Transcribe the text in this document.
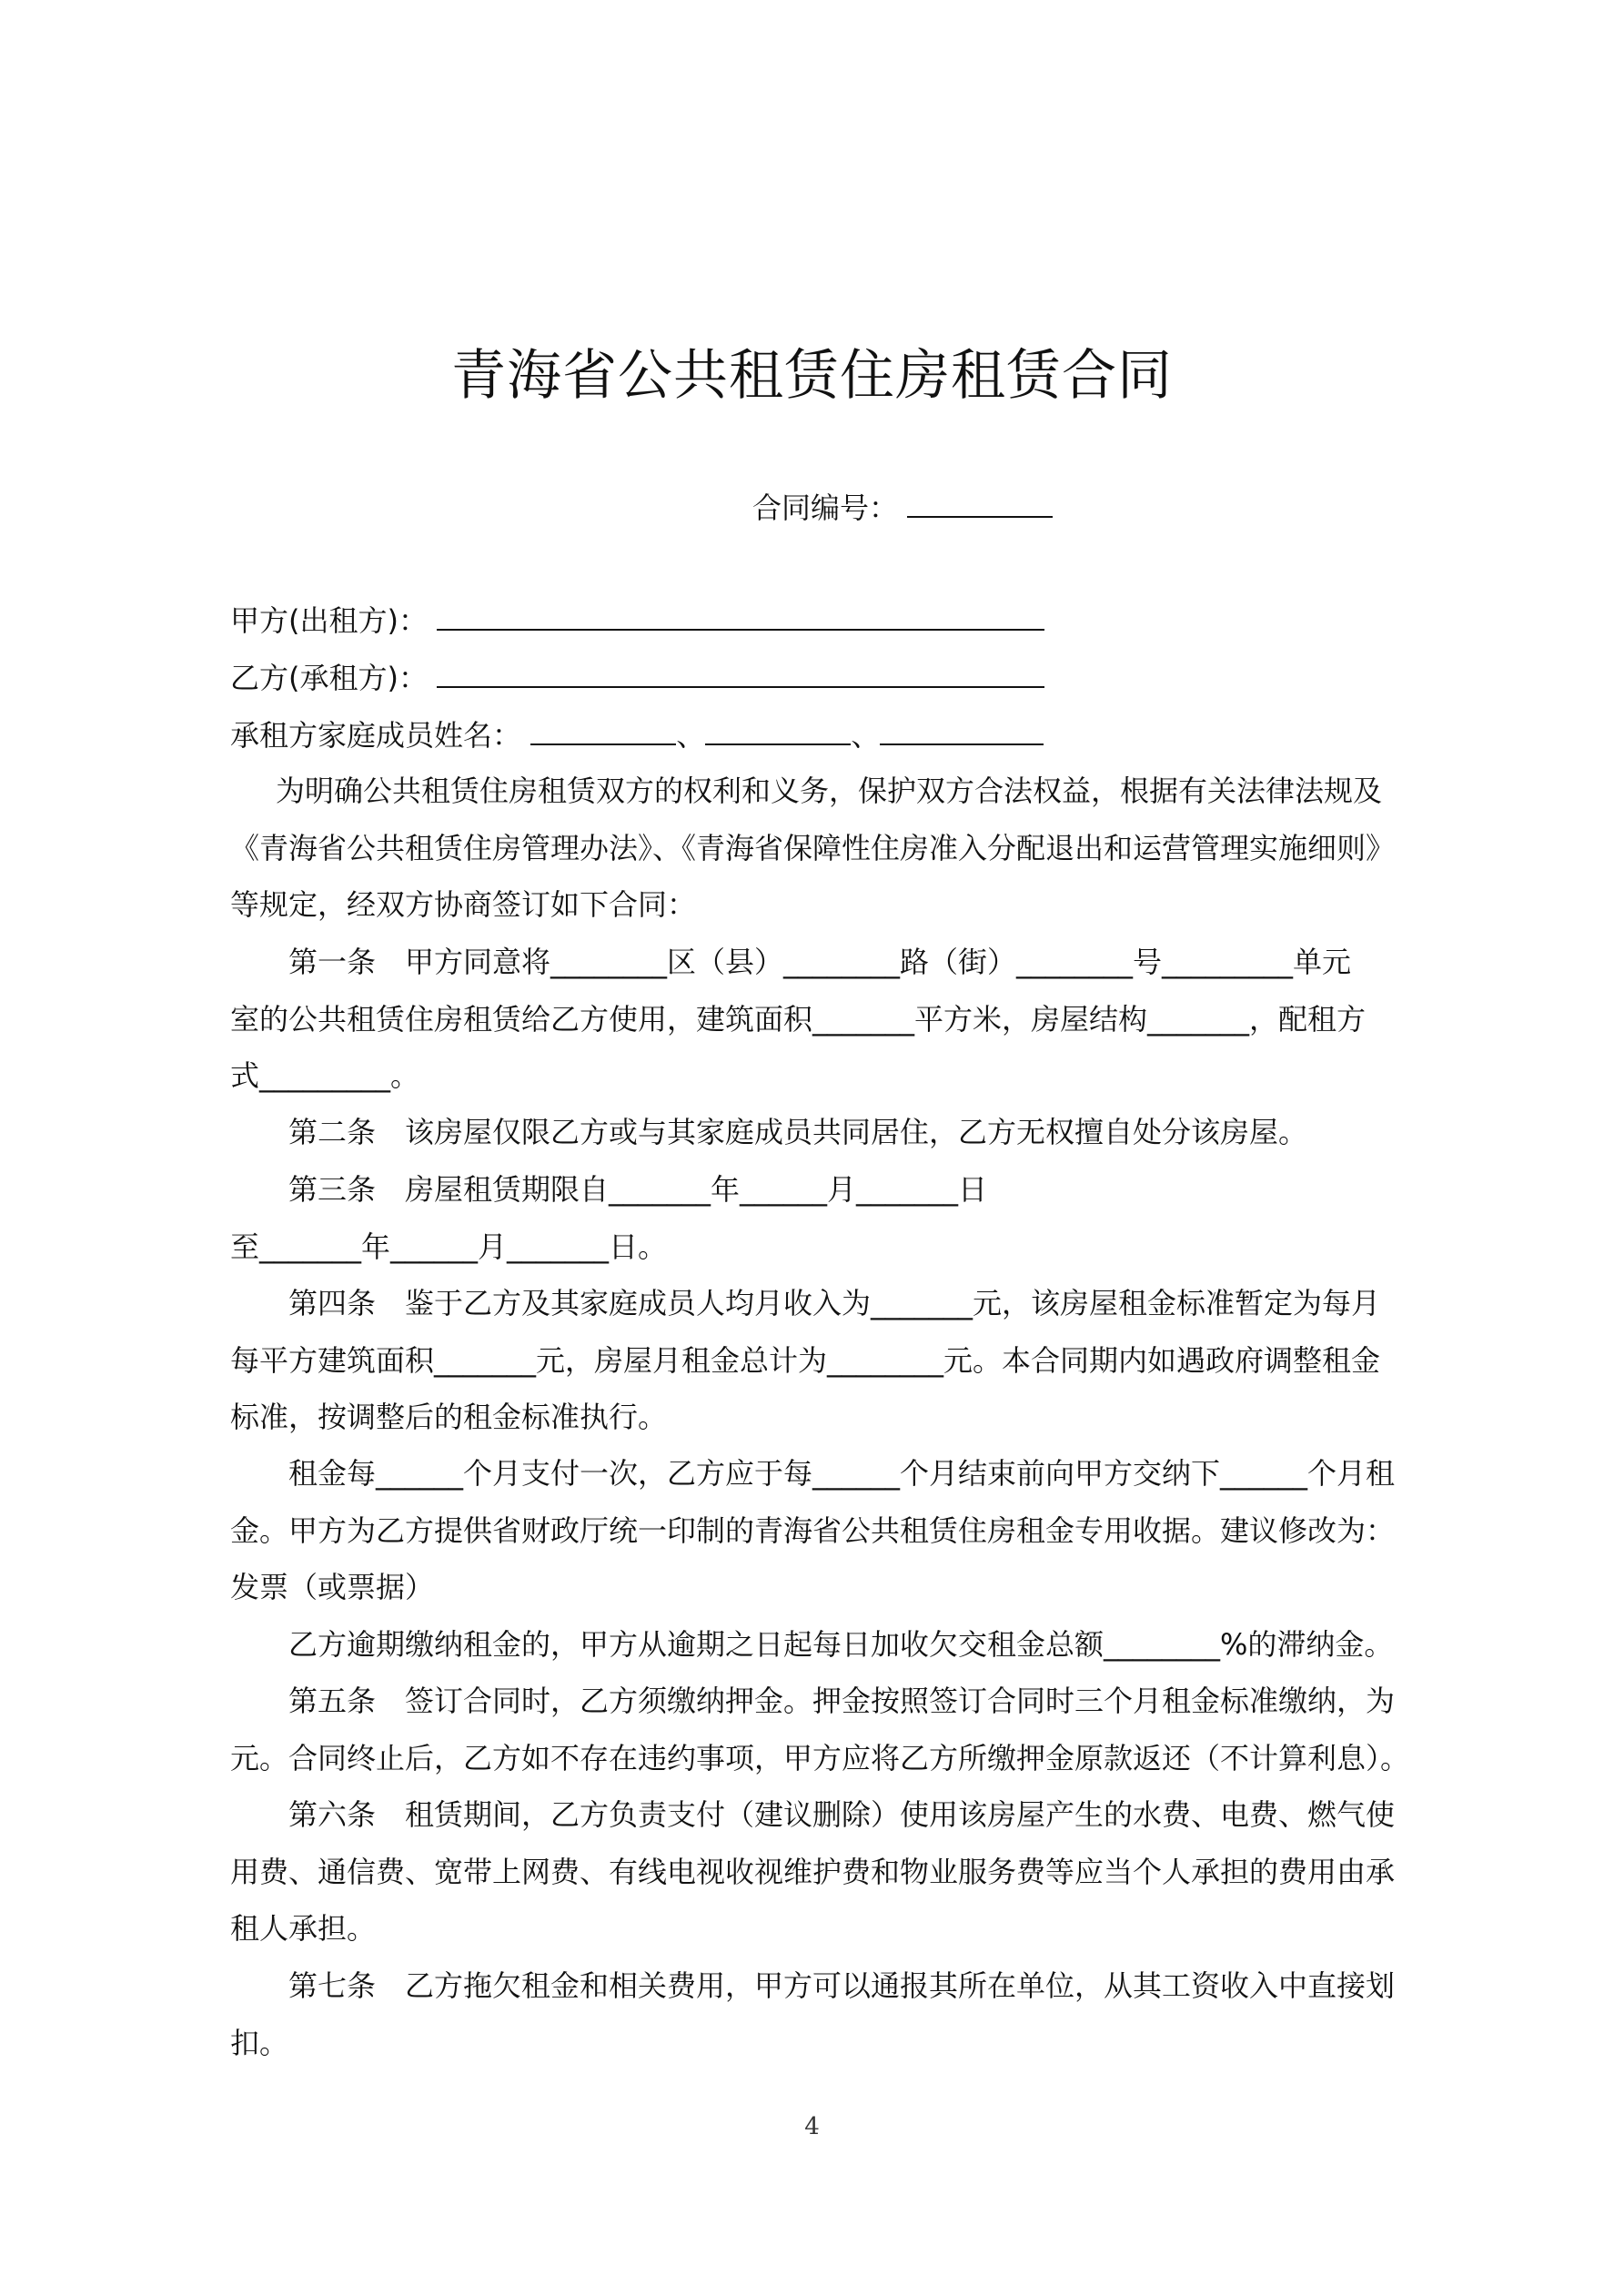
青海省公共租赁住房租赁合同
合同编号：
甲方(出租方)：
乙方(承租方)：
承租方家庭成员姓名：	、	、
为明确公共租赁住房租赁双方的权利和义务，保护双方合法权益，根据有关法律法规及
《青海省公共租赁住房管理办法》、《青海省保障性住房准入分配退出和运营管理实施细则》
等规定，经双方协商签订如下合同：
第一条　甲方同意将________区（县）________路（街）________号_________单元
室的公共租赁住房租赁给乙方使用，建筑面积_______平方米，房屋结构_______，配租方
式_________。
第二条　该房屋仅限乙方或与其家庭成员共同居住，乙方无权擅自处分该房屋。
第三条　房屋租赁期限自_______年______月_______日
至_______年______月_______日。
第四条　鉴于乙方及其家庭成员人均月收入为_______元，该房屋租金标准暂定为每月
每平方建筑面积_______元，房屋月租金总计为________元。本合同期内如遇政府调整租金
标准，按调整后的租金标准执行。
租金每______个月支付一次，乙方应于每______个月结束前向甲方交纳下______个月租
金。甲方为乙方提供省财政厅统一印制的青海省公共租赁住房租金专用收据。建议修改为：
发票（或票据）
乙方逾期缴纳租金的，甲方从逾期之日起每日加收欠交租金总额________%的滞纳金。
第五条　签订合同时，乙方须缴纳押金。押金按照签订合同时三个月租金标准缴纳，为
元。合同终止后，乙方如不存在违约事项，甲方应将乙方所缴押金原款返还（不计算利息）。
第六条　租赁期间，乙方负责支付（建议删除）使用该房屋产生的水费、电费、燃气使
用费、通信费、宽带上网费、有线电视收视维护费和物业服务费等应当个人承担的费用由承
租人承担。
第七条　乙方拖欠租金和相关费用，甲方可以通报其所在单位，从其工资收入中直接划
扣。
4
